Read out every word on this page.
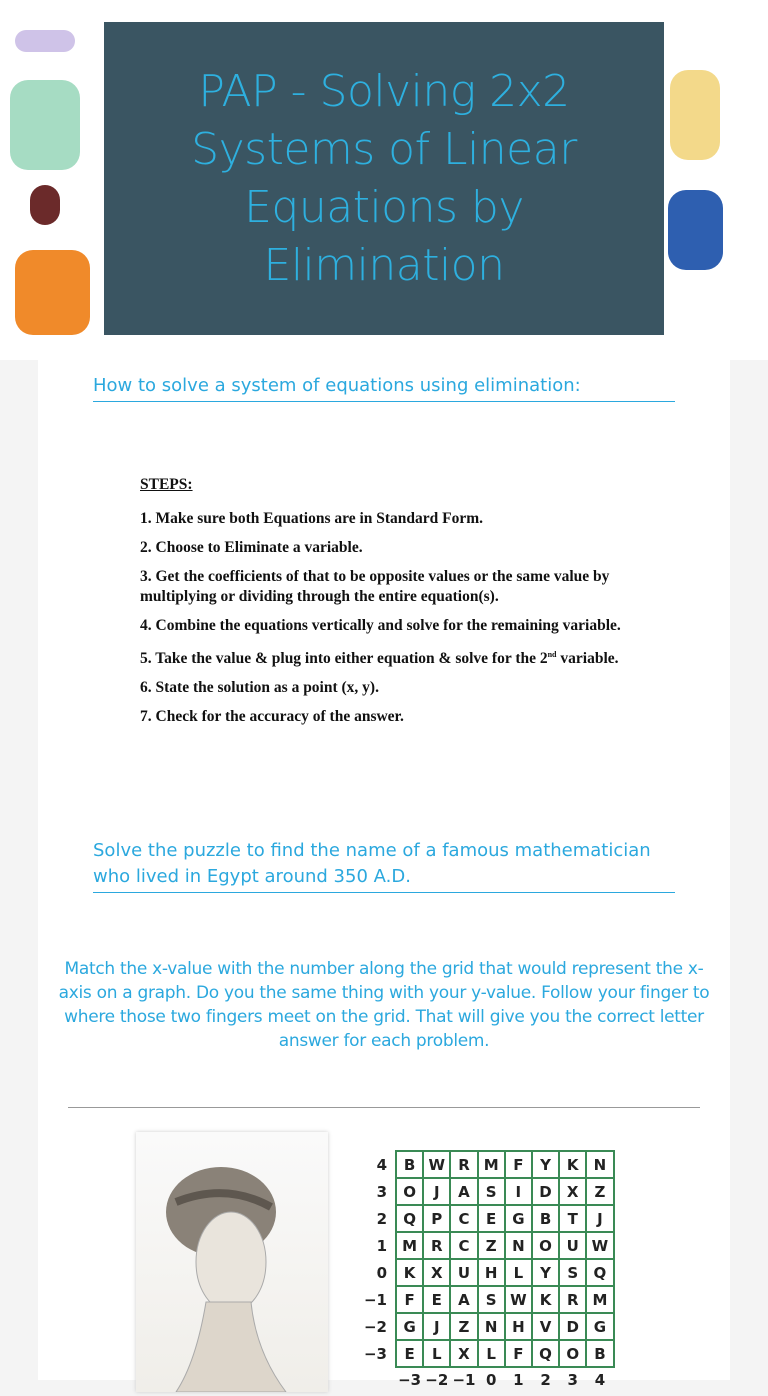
PAP - Solving 2x2 Systems of Linear Equations by Elimination
How to solve a system of equations using elimination:
STEPS:

1. Make sure both Equations are in Standard Form.

2. Choose to Eliminate a variable.

3. Get the coefficients of that to be opposite values or the same value by multiplying or dividing through the entire equation(s).

4. Combine the equations vertically and solve for the remaining variable.

5. Take the value & plug into either equation & solve for the 2nd variable.

6. State the solution as a point (x, y).

7. Check for the accuracy of the answer.

Solve the puzzle to find the name of a famous mathematician who lived in Egypt around 350 A.D.
Match the x-value with the number along the grid that would represent the x-axis on a graph. Do you the same thing with your y-value. Follow your finger to where those two fingers meet on the grid. That will give you the correct letter answer for each problem.
4	B	W	R	M	F	Y	K	N
3	O	J	A	S	I	D	X	Z
2	Q	P	C	E	G	B	T	J
1	M	R	C	Z	N	O	U	W
0	K	X	U	H	L	Y	S	Q
−1	F	E	A	S	W	K	R	M
−2	G	J	Z	N	H	V	D	G
−3	E	L	X	L	F	Q	O	B
	−3	−2	−1	0	1	2	3	4
